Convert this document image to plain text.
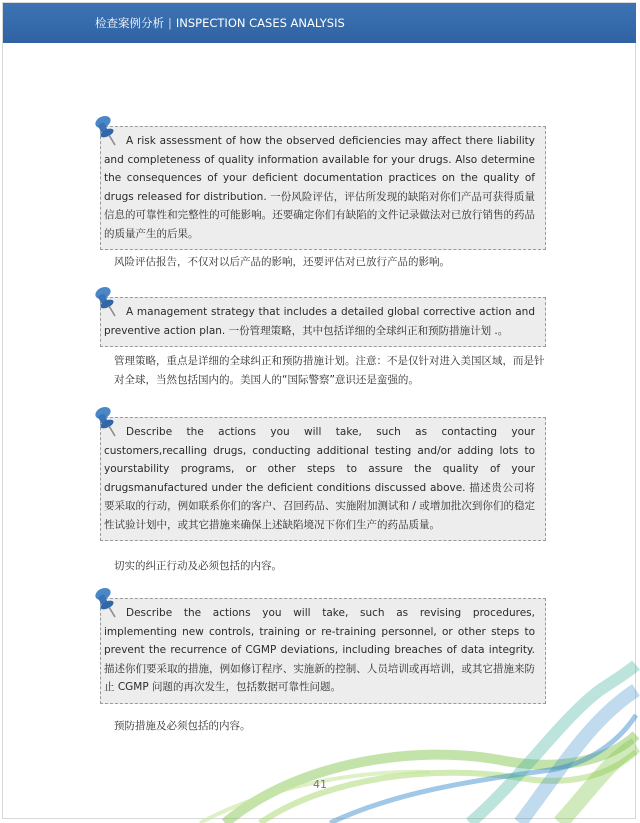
检查案例分析 | INSPECTION CASES ANALYSIS
A risk assessment of how the observed deficiencies may affect there liability and completeness of quality information available for your drugs. Also determine the consequences of your deficient documentation practices on the quality of drugs released for distribution. 一份风险评估，评估所发现的缺陷对你们产品可获得质量信息的可靠性和完整性的可能影响。还要确定你们有缺陷的文件记录做法对已放行销售的药品的质量产生的后果。
风险评估报告，不仅对以后产品的影响，还要评估对已放行产品的影响。
A management strategy that includes a detailed global corrective action and preventive action plan. 一份管理策略，其中包括详细的全球纠正和预防措施计划 .。
管理策略，重点是详细的全球纠正和预防措施计划。注意：不是仅针对进入美国区域，而是针对全球，当然包括国内的。美国人的“国际警察”意识还是蛮强的。
Describe the actions you will take, such as contacting your customers,recalling drugs, conducting additional testing and/or adding lots to yourstability programs, or other steps to assure the quality of your drugsmanufactured under the deficient conditions discussed above. 描述贵公司将要采取的行动，例如联系你们的客户、召回药品、实施附加测试和 / 或增加批次到你们的稳定性试验计划中，或其它措施来确保上述缺陷境况下你们生产的药品质量。
切实的纠正行动及必须包括的内容。
Describe the actions you will take, such as revising procedures, implementing new controls, training or re-training personnel, or other steps to prevent the recurrence of CGMP deviations, including breaches of data integrity. 描述你们要采取的措施，例如修订程序、实施新的控制、人员培训或再培训，或其它措施来防止 CGMP 问题的再次发生，包括数据可靠性问题。
预防措施及必须包括的内容。
41
